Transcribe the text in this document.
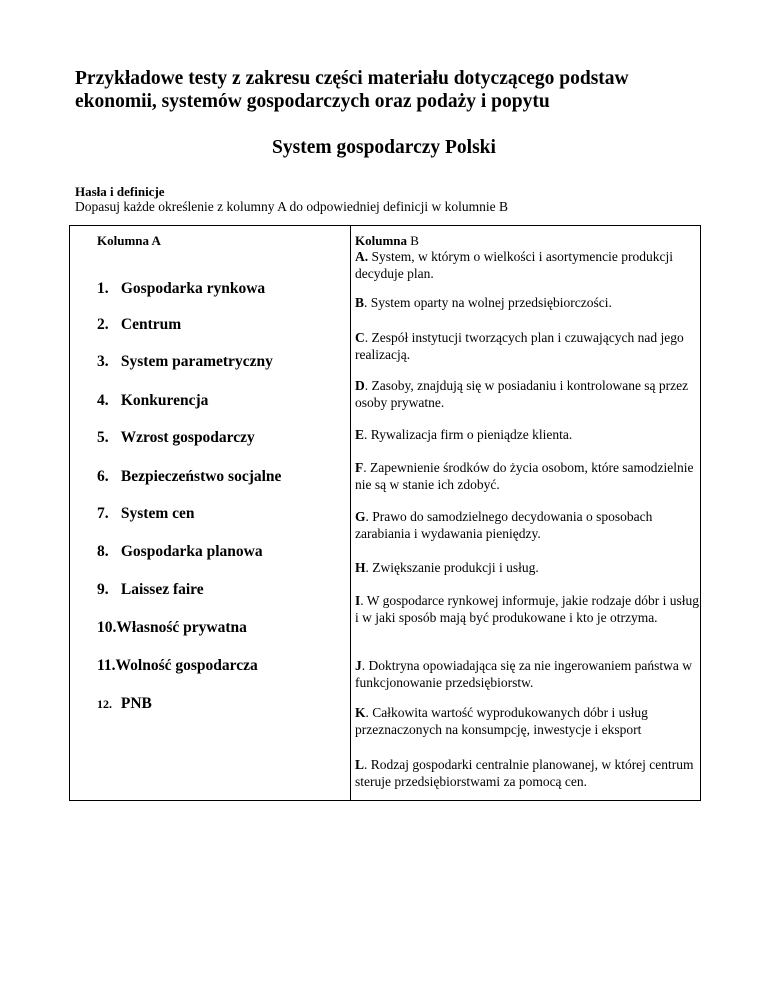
Przykładowe testy z zakresu części materiału dotyczącego podstaw ekonomii, systemów gospodarczych oraz podaży i popytu
System gospodarczy Polski

Hasła i definicje

Dopasuj każde określenie z kolumny A do odpowiedniej definicji w kolumnie B

Kolumna A	Kolumna B
1. Gospodarka rynkowa
2. Centrum
3. System parametryczny
4. Konkurencja
5. Wzrost gospodarczy
6. Bezpieczeństwo socjalne
7. System cen
8. Gospodarka planowa
9. Laissez faire
10.Własność prywatna
11.Wolność gospodarcza
12. PNB
A. System, w którym o wielkości i asortymencie produkcji decyduje plan.
B. System oparty na wolnej przedsiębiorczości.
C. Zespół instytucji tworzących plan i czuwających nad jego realizacją.
D. Zasoby, znajdują się w posiadaniu i kontrolowane są przez osoby prywatne.
E. Rywalizacja firm o pieniądze klienta.
F. Zapewnienie środków do życia osobom, które samodzielnie nie są w stanie ich zdobyć.
G. Prawo do samodzielnego decydowania o sposobach zarabiania i wydawania pieniędzy.
H. Zwiększanie produkcji i usług.
I. W gospodarce rynkowej informuje, jakie rodzaje dóbr i usług i w jaki sposób mają być produkowane i kto je otrzyma.
J. Doktryna opowiadająca się za nie ingerowaniem państwa w funkcjonowanie przedsiębiorstw.
K. Całkowita wartość wyprodukowanych dóbr i usług przeznaczonych na konsumpcję, inwestycje i eksport
L. Rodzaj gospodarki centralnie planowanej, w której centrum steruje przedsiębiorstwami za pomocą cen.
